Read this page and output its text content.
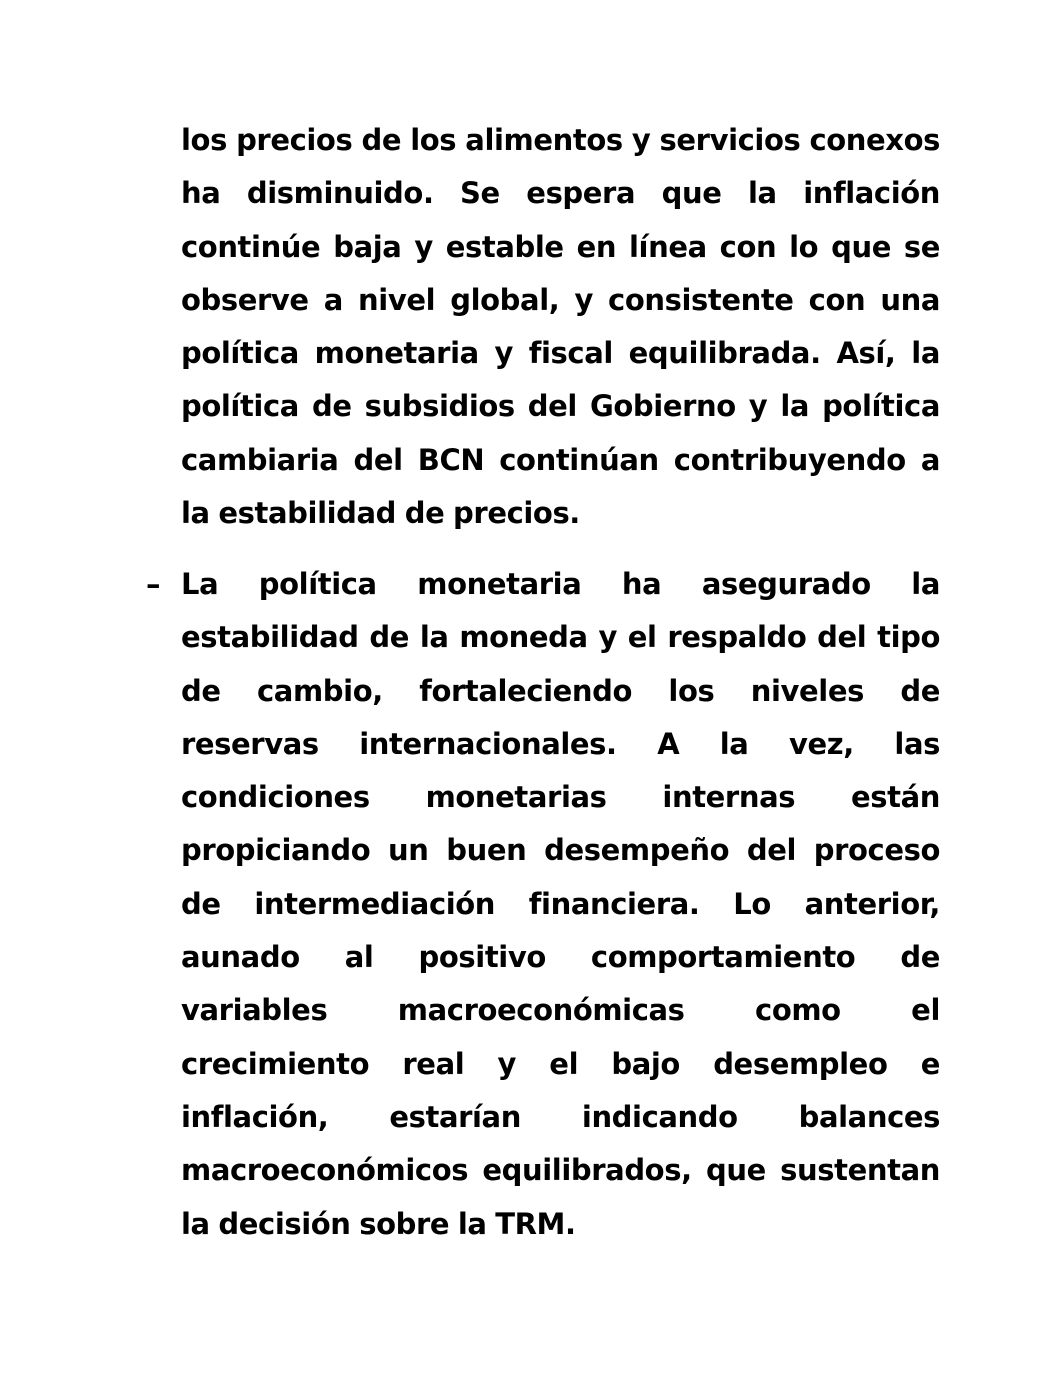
los precios de los alimentos y servicios conexos ha disminuido. Se espera que la inflación continúe baja y estable en línea con lo que se observe a nivel global, y consistente con una política monetaria y fiscal equilibrada. Así, la política de subsidios del Gobierno y la política cambiaria del BCN continúan contribuyendo a la estabilidad de precios.

– La política monetaria ha asegurado la estabilidad de la moneda y el respaldo del tipo de cambio, fortaleciendo los niveles de reservas internacionales. A la vez, las condiciones monetarias internas están propiciando un buen desempeño del proceso de intermediación financiera. Lo anterior, aunado al positivo comportamiento de variables macroeconómicas como el crecimiento real y el bajo desempleo e inflación, estarían indicando balances macroeconómicos equilibrados, que sustentan la decisión sobre la TRM.
